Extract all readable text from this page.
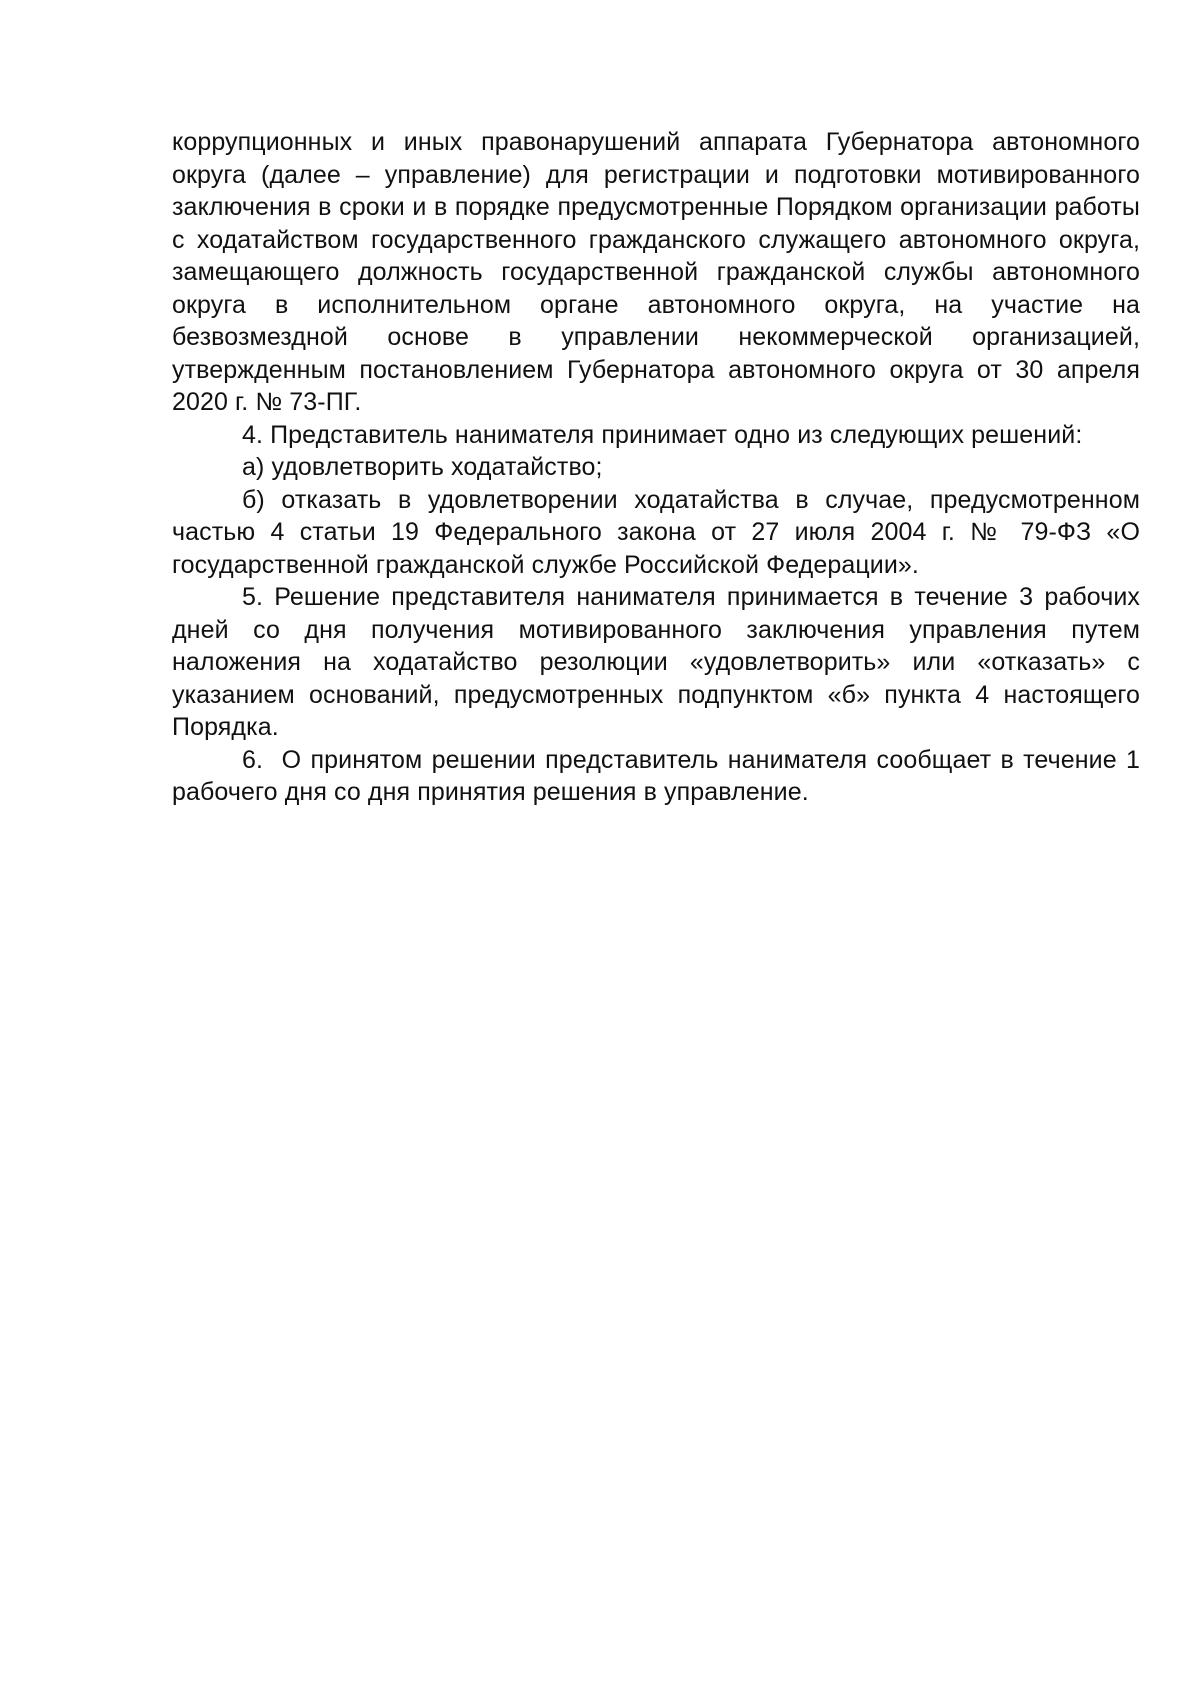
коррупционных и иных правонарушений аппарата Губернатора автономного округа (далее – управление) для регистрации и подготовки мотивированного заключения в сроки и в порядке предусмотренные Порядком организации работы с ходатайством государственного гражданского служащего автономного округа, замещающего должность государственной гражданской службы автономного округа в исполнительном органе автономного округа, на участие на безвозмездной основе в управлении некоммерческой организацией, утвержденным постановлением Губернатора автономного округа от 30 апреля 2020 г. № 73-ПГ.

4. Представитель нанимателя принимает одно из следующих решений:

а) удовлетворить ходатайство;

б) отказать в удовлетворении ходатайства в случае, предусмотренном частью 4 статьи 19 Федерального закона от 27 июля 2004 г. № 79-ФЗ «О государственной гражданской службе Российской Федерации».

5. Решение представителя нанимателя принимается в течение 3 рабочих дней со дня получения мотивированного заключения управления путем наложения на ходатайство резолюции «удовлетворить» или «отказать» с указанием оснований, предусмотренных подпунктом «б» пункта 4 настоящего Порядка.

6.  О принятом решении представитель нанимателя сообщает в течение 1 рабочего дня со дня принятия решения в управление.
